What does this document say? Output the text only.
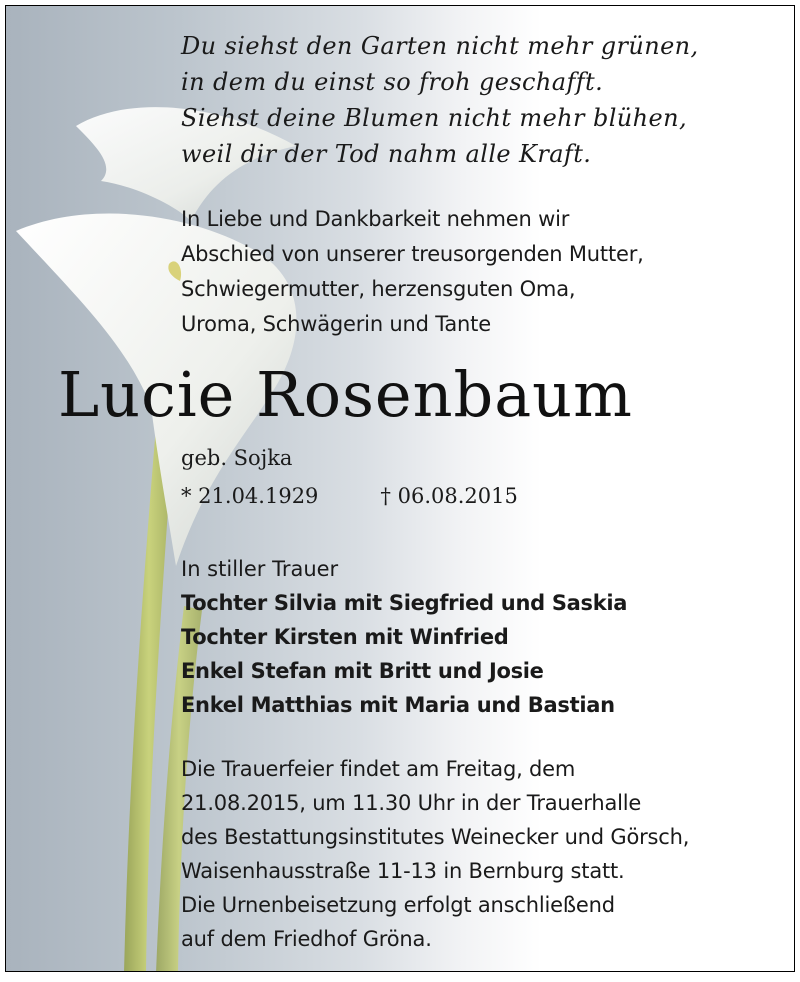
Du siehst den Garten nicht mehr grünen,
in dem du einst so froh geschafft.
Siehst deine Blumen nicht mehr blühen,
weil dir der Tod nahm alle Kraft.
In Liebe und Dankbarkeit nehmen wir
Abschied von unserer treusorgenden Mutter,
Schwiegermutter, herzensguten Oma,
Uroma, Schwägerin und Tante
Lucie Rosenbaum
geb. Sojka
* 21.04.1929	† 06.08.2015
In stiller Trauer
Tochter Silvia mit Siegfried und Saskia
Tochter Kirsten mit Winfried
Enkel Stefan mit Britt und Josie
Enkel Matthias mit Maria und Bastian
Die Trauerfeier findet am Freitag, dem
21.08.2015, um 11.30 Uhr in der Trauerhalle
des Bestattungsinstitutes Weinecker und Görsch,
Waisenhausstraße 11-13 in Bernburg statt.
Die Urnenbeisetzung erfolgt anschließend
auf dem Friedhof Gröna.
